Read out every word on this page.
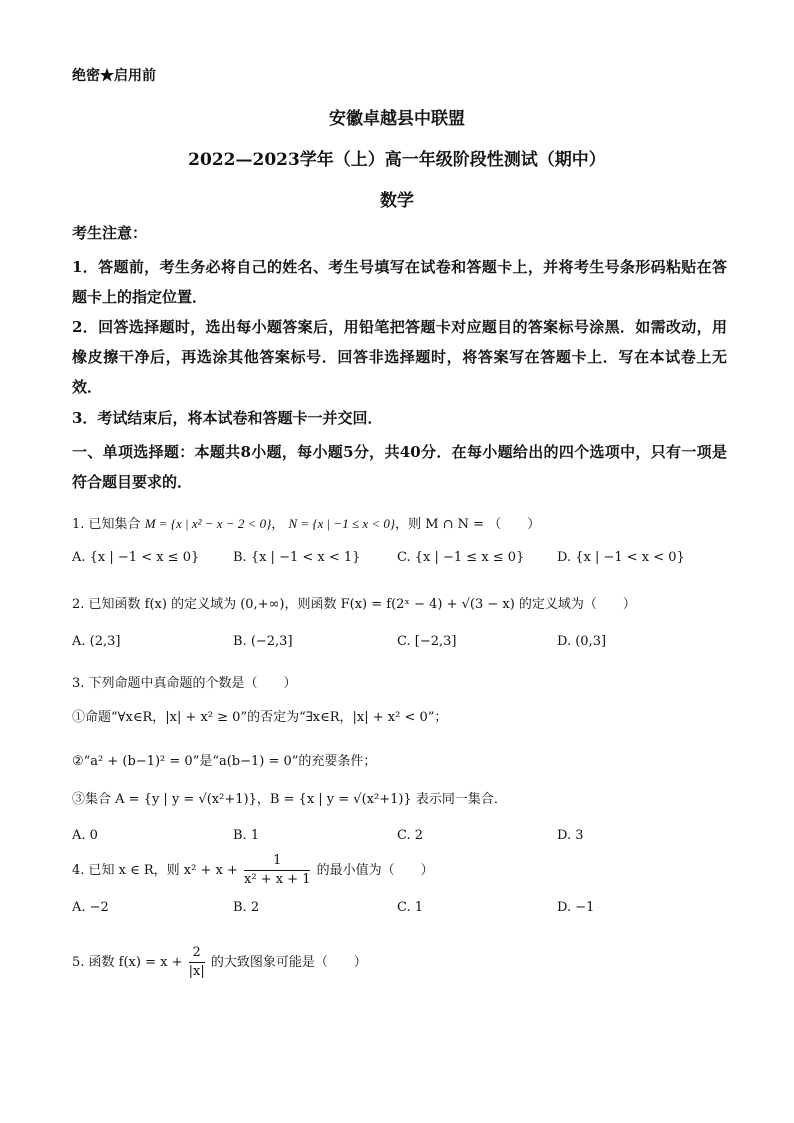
绝密★启用前
安徽卓越县中联盟
2022—2023学年（上）高一年级阶段性测试（期中）
数学
考生注意：
1．答题前，考生务必将自己的姓名、考生号填写在试卷和答题卡上，并将考生号条形码粘贴在答题卡上的指定位置．
2．回答选择题时，选出每小题答案后，用铅笔把答题卡对应题目的答案标号涂黑．如需改动，用橡皮擦干净后，再选涂其他答案标号．回答非选择题时，将答案写在答题卡上．写在本试卷上无效．
3．考试结束后，将本试卷和答题卡一并交回．
一、单项选择题：本题共8小题，每小题5分，共40分．在每小题给出的四个选项中，只有一项是符合题目要求的．
1. 已知集合 M = {x | x² − x − 2 < 0}， N = {x | −1 ≤ x < 0}，则 M ∩ N = （　　）
A. {x | −1 < x ≤ 0}	B. {x | −1 < x < 1}	C. {x | −1 ≤ x ≤ 0}	D. {x | −1 < x < 0}
2. 已知函数 f(x) 的定义域为 (0,+∞)，则函数 F(x) = f(2ˣ − 4) + √(3 − x) 的定义域为（　　）
A. (2,3]	B. (−2,3]	C. [−2,3]	D. (0,3]
3. 下列命题中真命题的个数是（　　）
①命题“∀x∈R，|x| + x² ≥ 0”的否定为“∃x∈R，|x| + x² < 0”；
②“a² + (b−1)² = 0”是“a(b−1) = 0”的充要条件；
③集合 A = {y | y = √(x²+1)}，B = {x | y = √(x²+1)} 表示同一集合．
A. 0	B. 1	C. 2	D. 3
4. 已知 x ∈ R，则 $x^2 + x + \frac{1}{\text{x² + x + 1}}$ 的最小值为（　　）
A. −2	B. 2	C. 1	D. −1
5. 函数 $f(x) = x + \frac{2}{|x|}$ 的大致图象可能是（　　）
